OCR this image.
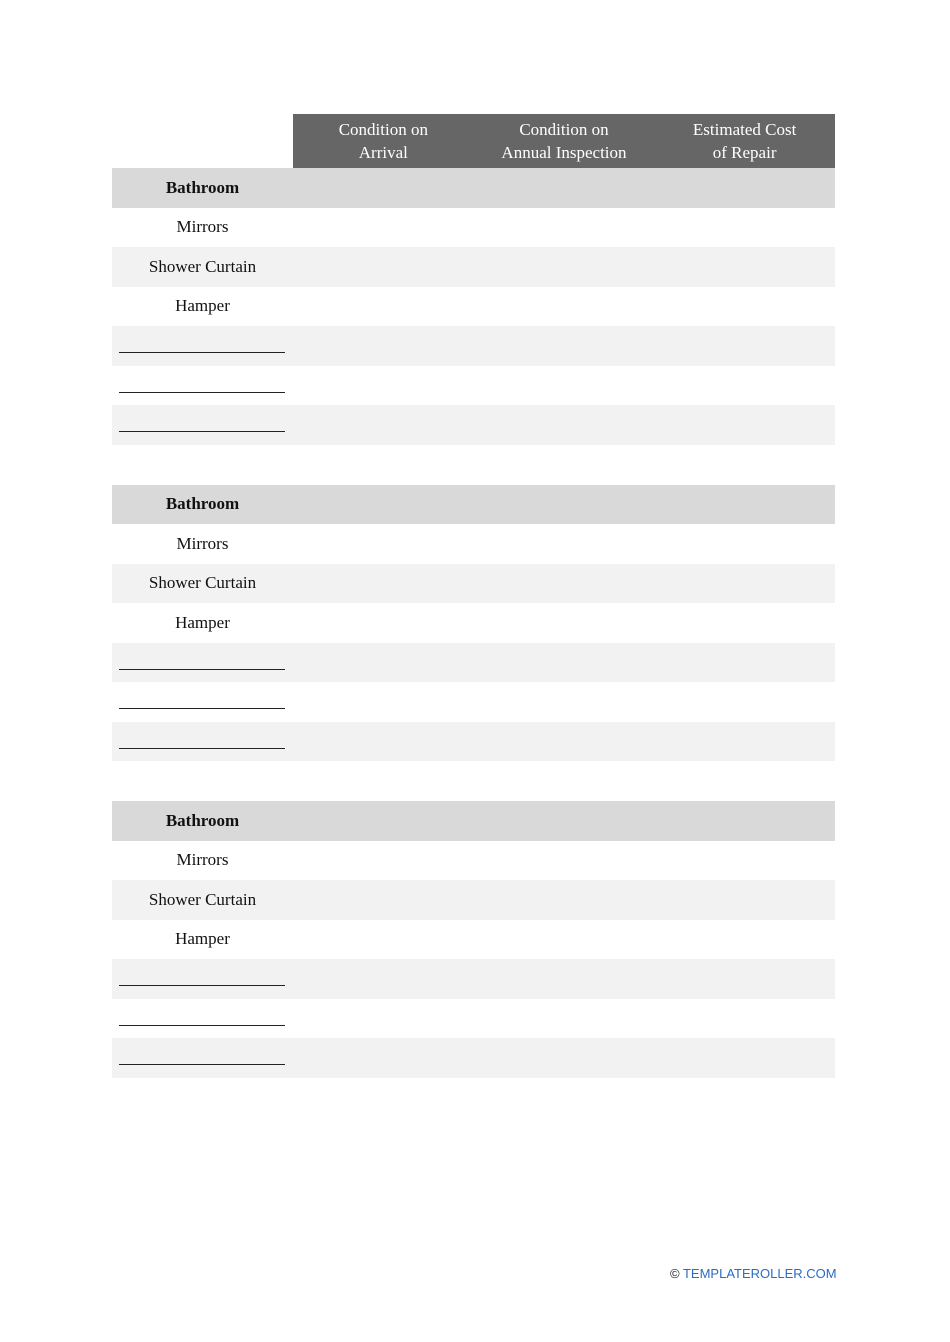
Condition on
Arrival
Condition on
Annual Inspection
Estimated Cost
of Repair
Bathroom
Mirrors
Shower Curtain
Hamper
Bathroom
Mirrors
Shower Curtain
Hamper
Bathroom
Mirrors
Shower Curtain
Hamper
© TEMPLATEROLLER.COM
